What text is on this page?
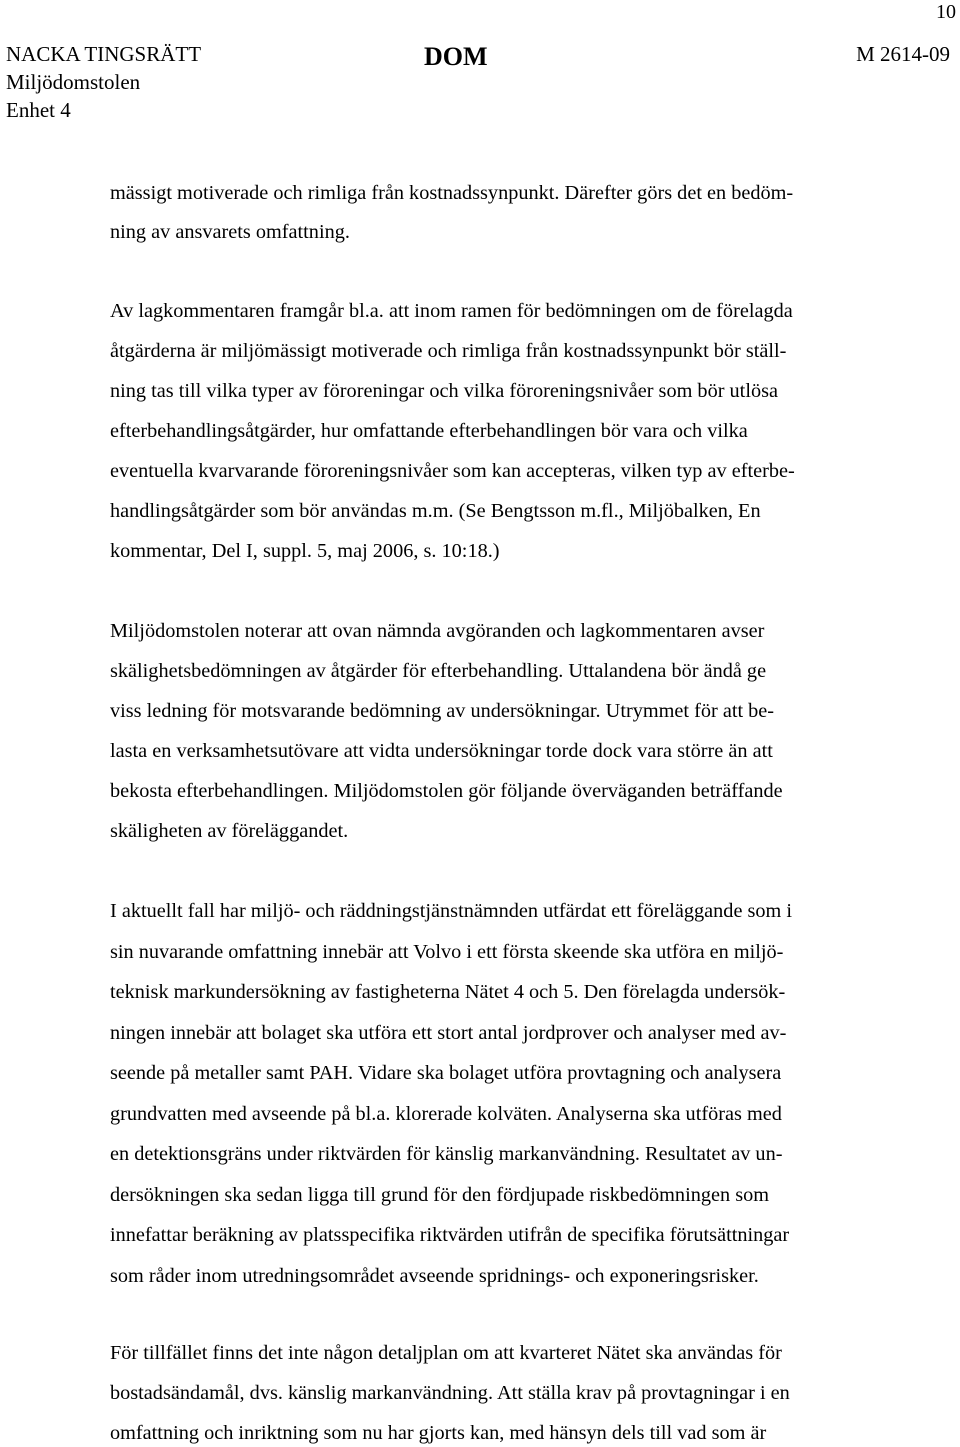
10
NACKA TINGSRÄTT
Miljödomstolen
Enhet 4
DOM	M 2614-09
mässigt motiverade och rimliga från kostnadssynpunkt. Därefter görs det en bedöm-
ning av ansvarets omfattning.
Av lagkommentaren framgår bl.a. att inom ramen för bedömningen om de förelagda
åtgärderna är miljömässigt motiverade och rimliga från kostnadssynpunkt bör ställ-
ning tas till vilka typer av föroreningar och vilka föroreningsnivåer som bör utlösa
efterbehandlingsåtgärder, hur omfattande efterbehandlingen bör vara och vilka
eventuella kvarvarande föroreningsnivåer som kan accepteras, vilken typ av efterbe-
handlingsåtgärder som bör användas m.m. (Se Bengtsson m.fl., Miljöbalken, En
kommentar, Del I, suppl. 5, maj 2006, s. 10:18.)
Miljödomstolen noterar att ovan nämnda avgöranden och lagkommentaren avser
skälighetsbedömningen av åtgärder för efterbehandling. Uttalandena bör ändå ge
viss ledning för motsvarande bedömning av undersökningar. Utrymmet för att be-
lasta en verksamhetsutövare att vidta undersökningar torde dock vara större än att
bekosta efterbehandlingen. Miljödomstolen gör följande överväganden beträffande
skäligheten av föreläggandet.
I aktuellt fall har miljö- och räddningstjänstnämnden utfärdat ett föreläggande som i
sin nuvarande omfattning innebär att Volvo i ett första skeende ska utföra en miljö-
teknisk markundersökning av fastigheterna Nätet 4 och 5. Den förelagda undersök-
ningen innebär att bolaget ska utföra ett stort antal jordprover och analyser med av-
seende på metaller samt PAH. Vidare ska bolaget utföra provtagning och analysera
grundvatten med avseende på bl.a. klorerade kolväten. Analyserna ska utföras med
en detektionsgräns under riktvärden för känslig markanvändning. Resultatet av un-
dersökningen ska sedan ligga till grund för den fördjupade riskbedömningen som
innefattar beräkning av platsspecifika riktvärden utifrån de specifika förutsättningar
som råder inom utredningsområdet avseende spridnings- och exponeringsrisker.
För tillfället finns det inte någon detaljplan om att kvarteret Nätet ska användas för
bostadsändamål, dvs. känslig markanvändning. Att ställa krav på provtagningar i en
omfattning och inriktning som nu har gjorts kan, med hänsyn dels till vad som är
